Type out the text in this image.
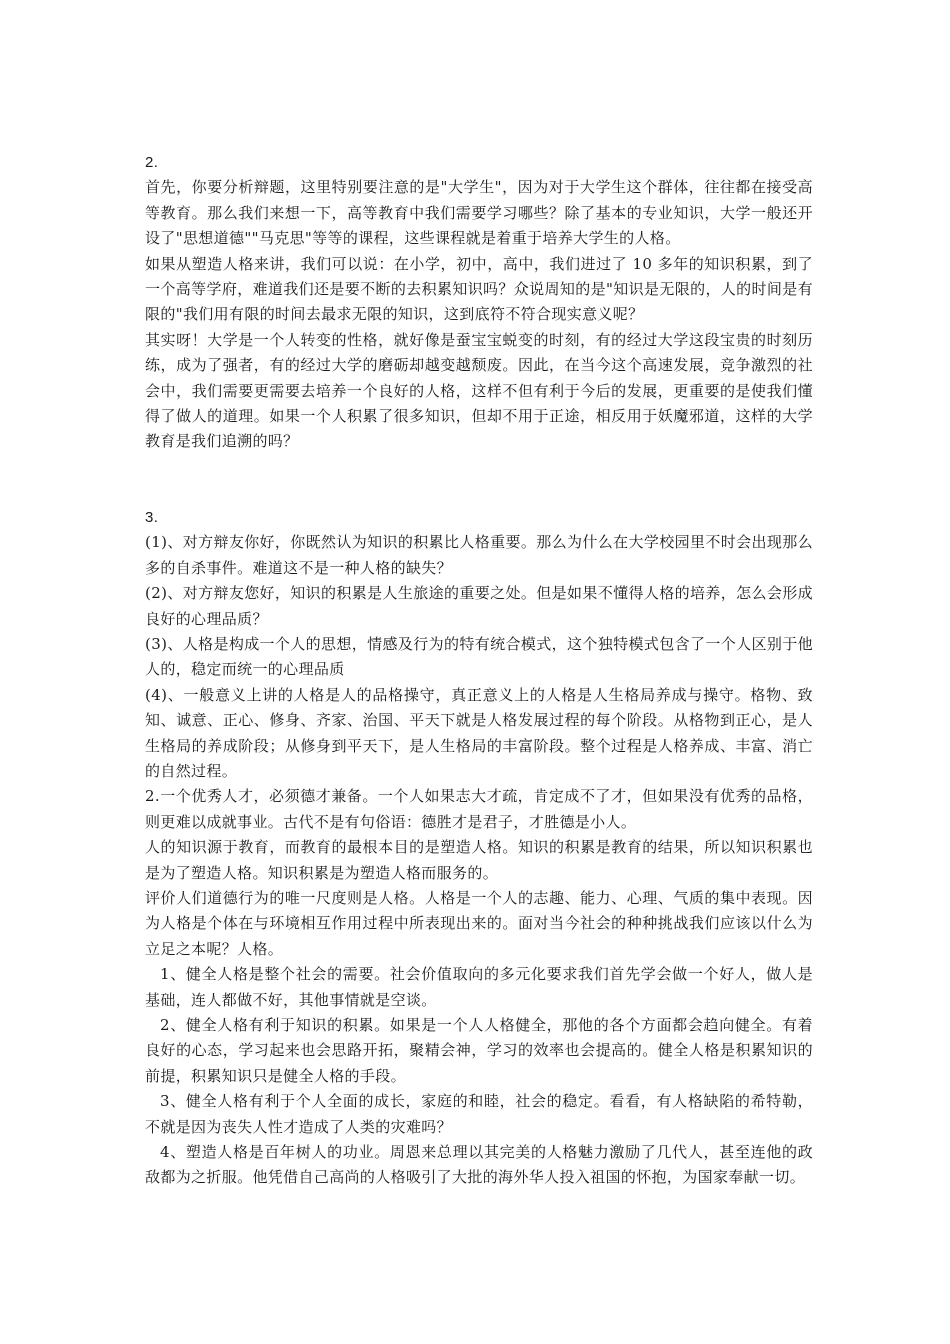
2.

首先，你要分析辩题，这里特别要注意的是"大学生"，因为对于大学生这个群体，往往都在接受高等教育。那么我们来想一下，高等教育中我们需要学习哪些？除了基本的专业知识，大学一般还开设了"思想道德""马克思"等等的课程，这些课程就是着重于培养大学生的人格。

如果从塑造人格来讲，我们可以说：在小学，初中，高中，我们进过了 10 多年的知识积累，到了一个高等学府，难道我们还是要不断的去积累知识吗？众说周知的是"知识是无限的，人的时间是有限的"我们用有限的时间去最求无限的知识，这到底符不符合现实意义呢？

其实呀！大学是一个人转变的性格，就好像是蚕宝宝蜕变的时刻，有的经过大学这段宝贵的时刻历练，成为了强者，有的经过大学的磨砺却越变越颓废。因此，在当今这个高速发展，竞争激烈的社会中，我们需要更需要去培养一个良好的人格，这样不但有利于今后的发展，更重要的是使我们懂得了做人的道理。如果一个人积累了很多知识，但却不用于正途，相反用于妖魔邪道，这样的大学教育是我们追溯的吗？

3.

(1)、对方辩友你好，你既然认为知识的积累比人格重要。那么为什么在大学校园里不时会出现那么多的自杀事件。难道这不是一种人格的缺失？

(2)、对方辩友您好，知识的积累是人生旅途的重要之处。但是如果不懂得人格的培养，怎么会形成良好的心理品质？

(3)、人格是构成一个人的思想，情感及行为的特有统合模式，这个独特模式包含了一个人区别于他人的，稳定而统一的心理品质

(4)、一般意义上讲的人格是人的品格操守，真正意义上的人格是人生格局养成与操守。格物、致知、诚意、正心、修身、齐家、治国、平天下就是人格发展过程的每个阶段。从格物到正心，是人生格局的养成阶段；从修身到平天下，是人生格局的丰富阶段。整个过程是人格养成、丰富、消亡的自然过程。

2.一个优秀人才，必须德才兼备。一个人如果志大才疏，肯定成不了才，但如果没有优秀的品格，则更难以成就事业。古代不是有句俗语：德胜才是君子，才胜德是小人。

人的知识源于教育，而教育的最根本目的是塑造人格。知识的积累是教育的结果，所以知识积累也是为了塑造人格。知识积累是为塑造人格而服务的。

评价人们道德行为的唯一尺度则是人格。人格是一个人的志趣、能力、心理、气质的集中表现。因为人格是个体在与环境相互作用过程中所表现出来的。面对当今社会的种种挑战我们应该以什么为立足之本呢？人格。

1、健全人格是整个社会的需要。社会价值取向的多元化要求我们首先学会做一个好人，做人是基础，连人都做不好，其他事情就是空谈。

2、健全人格有利于知识的积累。如果是一个人人格健全，那他的各个方面都会趋向健全。有着良好的心态，学习起来也会思路开拓，聚精会神，学习的效率也会提高的。健全人格是积累知识的前提，积累知识只是健全人格的手段。

3、健全人格有利于个人全面的成长，家庭的和睦，社会的稳定。看看，有人格缺陷的希特勒，不就是因为丧失人性才造成了人类的灾难吗？

4、塑造人格是百年树人的功业。周恩来总理以其完美的人格魅力激励了几代人，甚至连他的政敌都为之折服。他凭借自己高尚的人格吸引了大批的海外华人投入祖国的怀抱，为国家奉献一切。
